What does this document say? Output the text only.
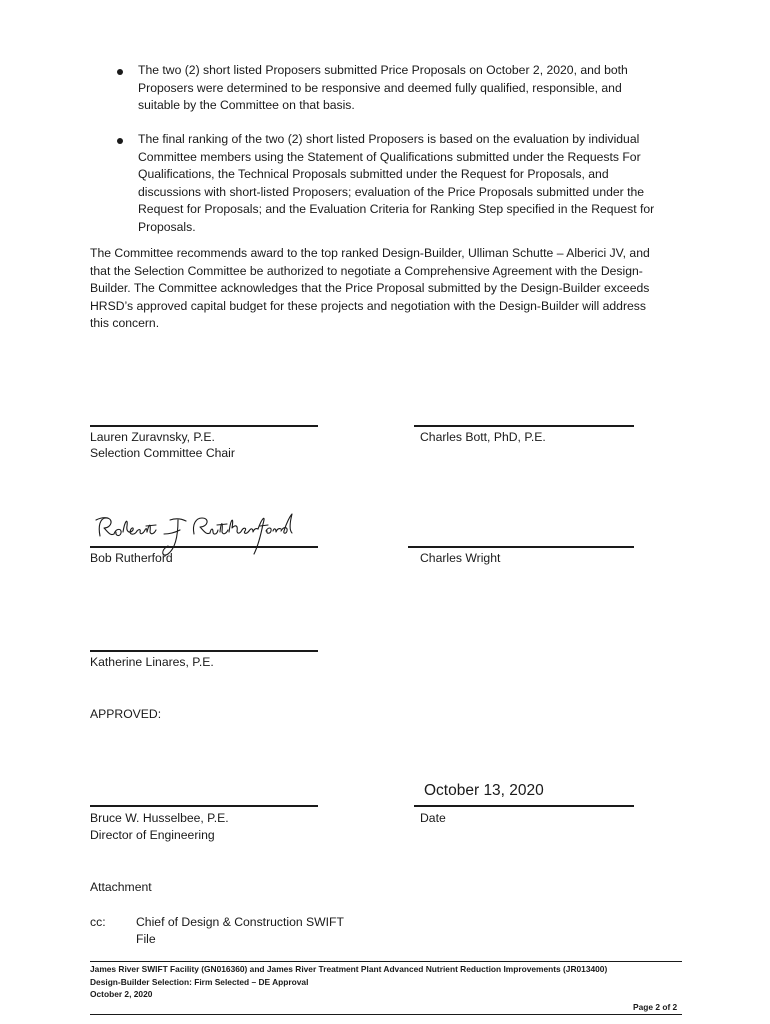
The two (2) short listed Proposers submitted Price Proposals on October 2, 2020, and both
Proposers were determined to be responsive and deemed fully qualified, responsible, and
suitable by the Committee on that basis.
The final ranking of the two (2) short listed Proposers is based on the evaluation by individual
Committee members using the Statement of Qualifications submitted under the Requests For
Qualifications, the Technical Proposals submitted under the Request for Proposals, and
discussions with short-listed Proposers; evaluation of the Price Proposals submitted under the
Request for Proposals; and the Evaluation Criteria for Ranking Step specified in the Request for
Proposals.
The Committee recommends award to the top ranked Design-Builder, Ulliman Schutte – Alberici JV, and
that the Selection Committee be authorized to negotiate a Comprehensive Agreement with the Design-
Builder. The Committee acknowledges that the Price Proposal submitted by the Design-Builder exceeds
HRSD’s approved capital budget for these projects and negotiation with the Design-Builder will address
this concern.
Lauren Zuravnsky, P.E.
Selection Committee Chair
Charles Bott, PhD, P.E.
Bob Rutherford	Charles Wright
Katherine Linares, P.E.
APPROVED:
October 13, 2020
Date
Bruce W. Husselbee, P.E.
Director of Engineering
Attachment
cc: Chief of Design & Construction SWIFT
File
James River SWIFT Facility (GN016360) and James River Treatment Plant Advanced Nutrient Reduction Improvements (JR013400)
Design-Builder Selection: Firm Selected – DE Approval
October 2, 2020
Page 2 of 2
